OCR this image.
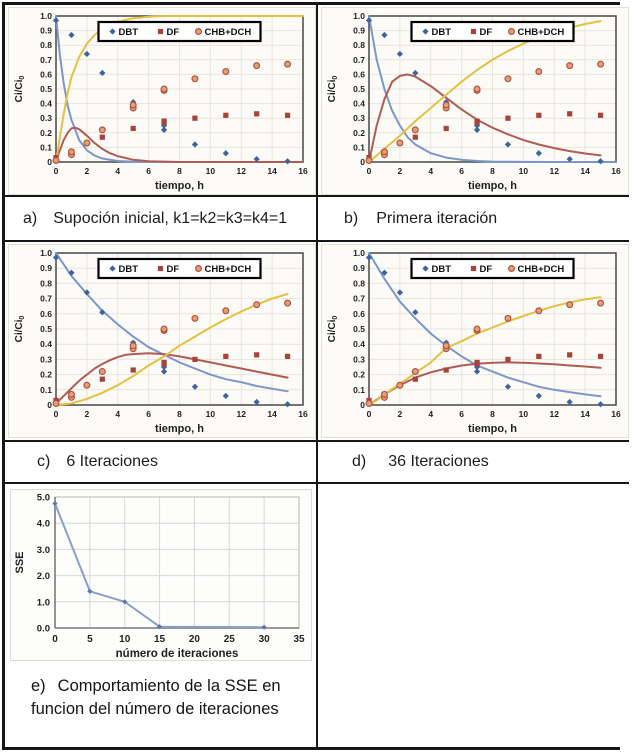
DBT	DF	CHB+DCH
0
0.1
0.2
0.3
0.4
0.5
0.6
0.7
0.8
0.9
1.0
0	2	4	6	8	10	12	14	16
$Ci/Ci_0$
tiempo, h
DBT	DF	CHB+DCH
0
0.1
0.2
0.3
0.4
0.5
0.6
0.7
0.8
0.9
1.0
0	2	4	6	8	10	12	14	16
$Ci/Ci_0$
tiempo, h
a) Supoción inicial, k1=k2=k3=k4=1	b) Primera iteración
DBT	DF	CHB+DCH
0
0.1
0.2
0.3
0.4
0.5
0.6
0.7
0.8
0.9
1.0
0	2	4	6	8	10	12	14	16
$Ci/Ci_0$
tiempo, h
DBT	DF	CHB+DCH
0
0.1
0.2
0.3
0.4
0.5
0.6
0.7
0.8
0.9
1.0
0	2	4	6	8	10	12	14	16
$Ci/Ci_0$
tiempo, h
c) 6 Iteraciones	d) 36 Iteraciones
0.0
1.0
2.0
3.0
4.0
5.0
0	5	10 15 20 25 30 35
SSE
número de iteraciones
e) Comportamiento de la SSE en funcion del número de iteraciones
